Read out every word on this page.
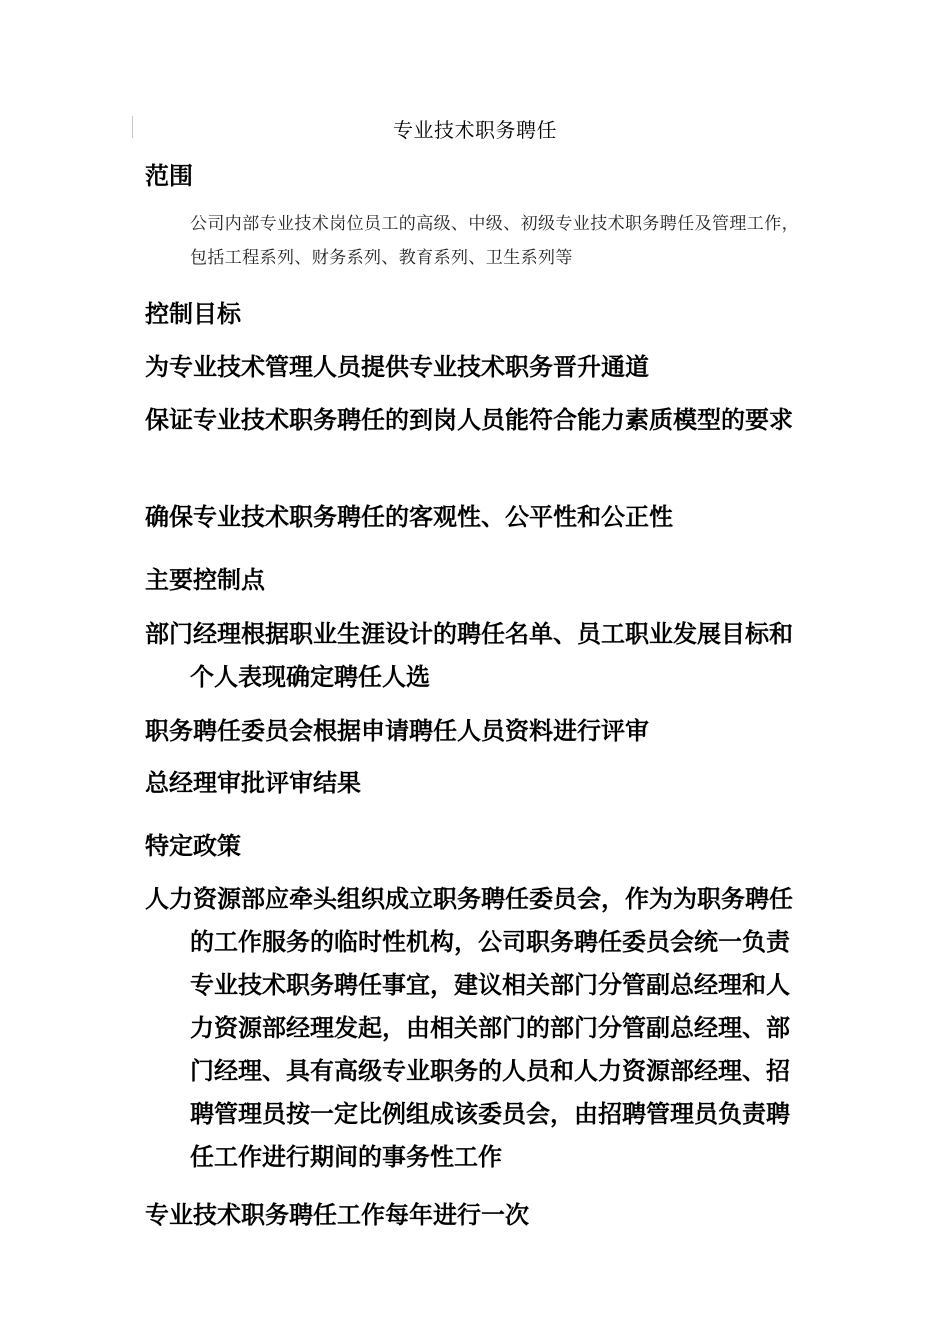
专业技术职务聘任
范围
公司内部专业技术岗位员工的高级、中级、初级专业技术职务聘任及管理工作，包括工程系列、财务系列、教育系列、卫生系列等
控制目标
为专业技术管理人员提供专业技术职务晋升通道
保证专业技术职务聘任的到岗人员能符合能力素质模型的要求
确保专业技术职务聘任的客观性、公平性和公正性
主要控制点
部门经理根据职业生涯设计的聘任名单、员工职业发展目标和个人表现确定聘任人选
职务聘任委员会根据申请聘任人员资料进行评审
总经理审批评审结果
特定政策
人力资源部应牵头组织成立职务聘任委员会，作为为职务聘任的工作服务的临时性机构，公司职务聘任委员会统一负责专业技术职务聘任事宜，建议相关部门分管副总经理和人力资源部经理发起，由相关部门的部门分管副总经理、部门经理、具有高级专业职务的人员和人力资源部经理、招聘管理员按一定比例组成该委员会，由招聘管理员负责聘任工作进行期间的事务性工作
专业技术职务聘任工作每年进行一次
